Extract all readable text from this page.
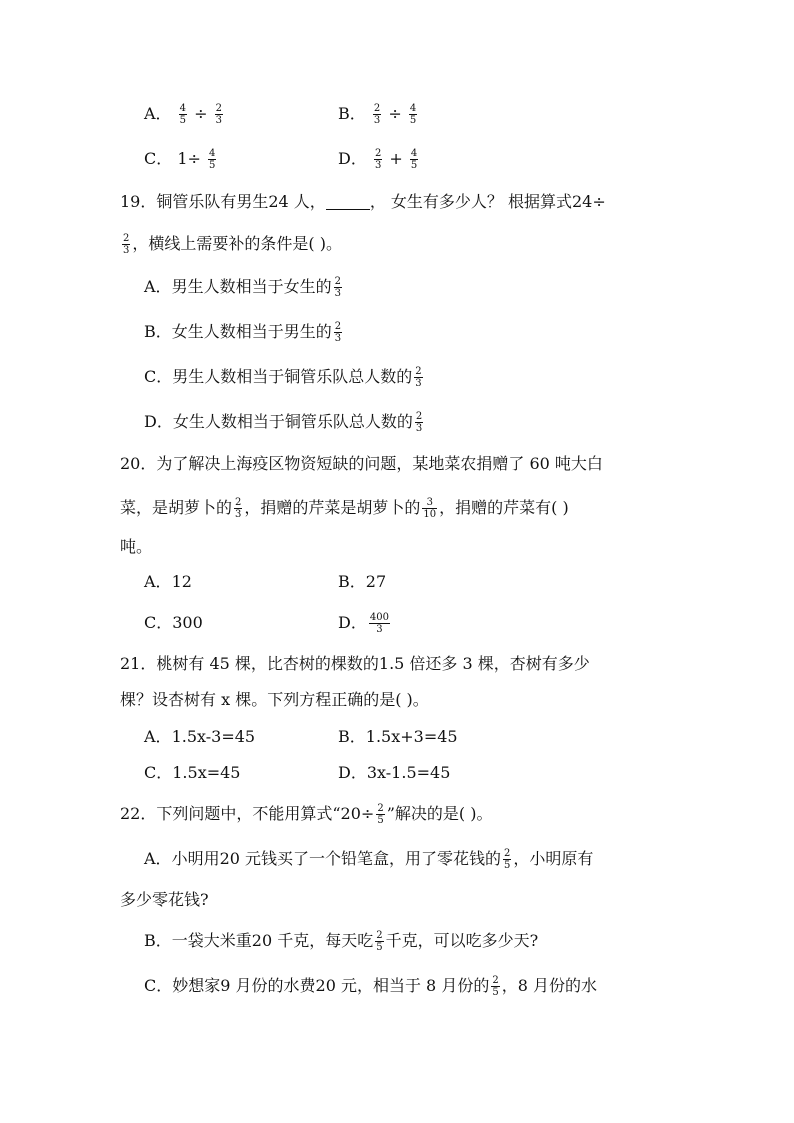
A． $\frac{4}{5} \div \frac{2}{3}$	B． $\frac{2}{3} \div \frac{4}{5}$
C． $1\div \frac{4}{5}$	D． $\frac{2}{3} + \frac{4}{5}$
19．铜管乐队有男生24 人，	， 女生有多少人？ 根据算式24÷
$\frac{2}{3}$ ，横线上需要补的条件是( )。
A．男生人数相当于女生的 $\frac{2}{3}$
B．女生人数相当于男生的 $\frac{2}{3}$
C．男生人数相当于铜管乐队总人数的 $\frac{2}{3}$
D．女生人数相当于铜管乐队总人数的 $\frac{2}{3}$
20．为了解决上海疫区物资短缺的问题，某地菜农捐赠了 60 吨大白
菜，是胡萝卜的 $\frac{2}{3}$ ，捐赠的芹菜是胡萝卜的 $\frac{3}{10}$ ，捐赠的芹菜有( )
吨。
A．12	B．27
C．300	D． $\frac{400}{3}$
21．桃树有 45 棵，比杏树的棵数的1.5 倍还多 3 棵，杏树有多少
棵？设杏树有 x 棵。下列方程正确的是( )。
A．1.5x-3=45	B．1.5x+3=45
C．1.5x=45	D．3x-1.5=45
22．下列问题中，不能用算式“$20\div \frac{2}{5}$ ”解决的是( )。
A．小明用20 元钱买了一个铅笔盒，用了零花钱的 $\frac{2}{5}$ ，小明原有
多少零花钱?
B．一袋大米重20 千克，每天吃 $\frac{2}{5}$ 千克，可以吃多少天?
C．妙想家9 月份的水费20 元，相当于 8 月份的 $\frac{2}{5}$ ，8 月份的水
